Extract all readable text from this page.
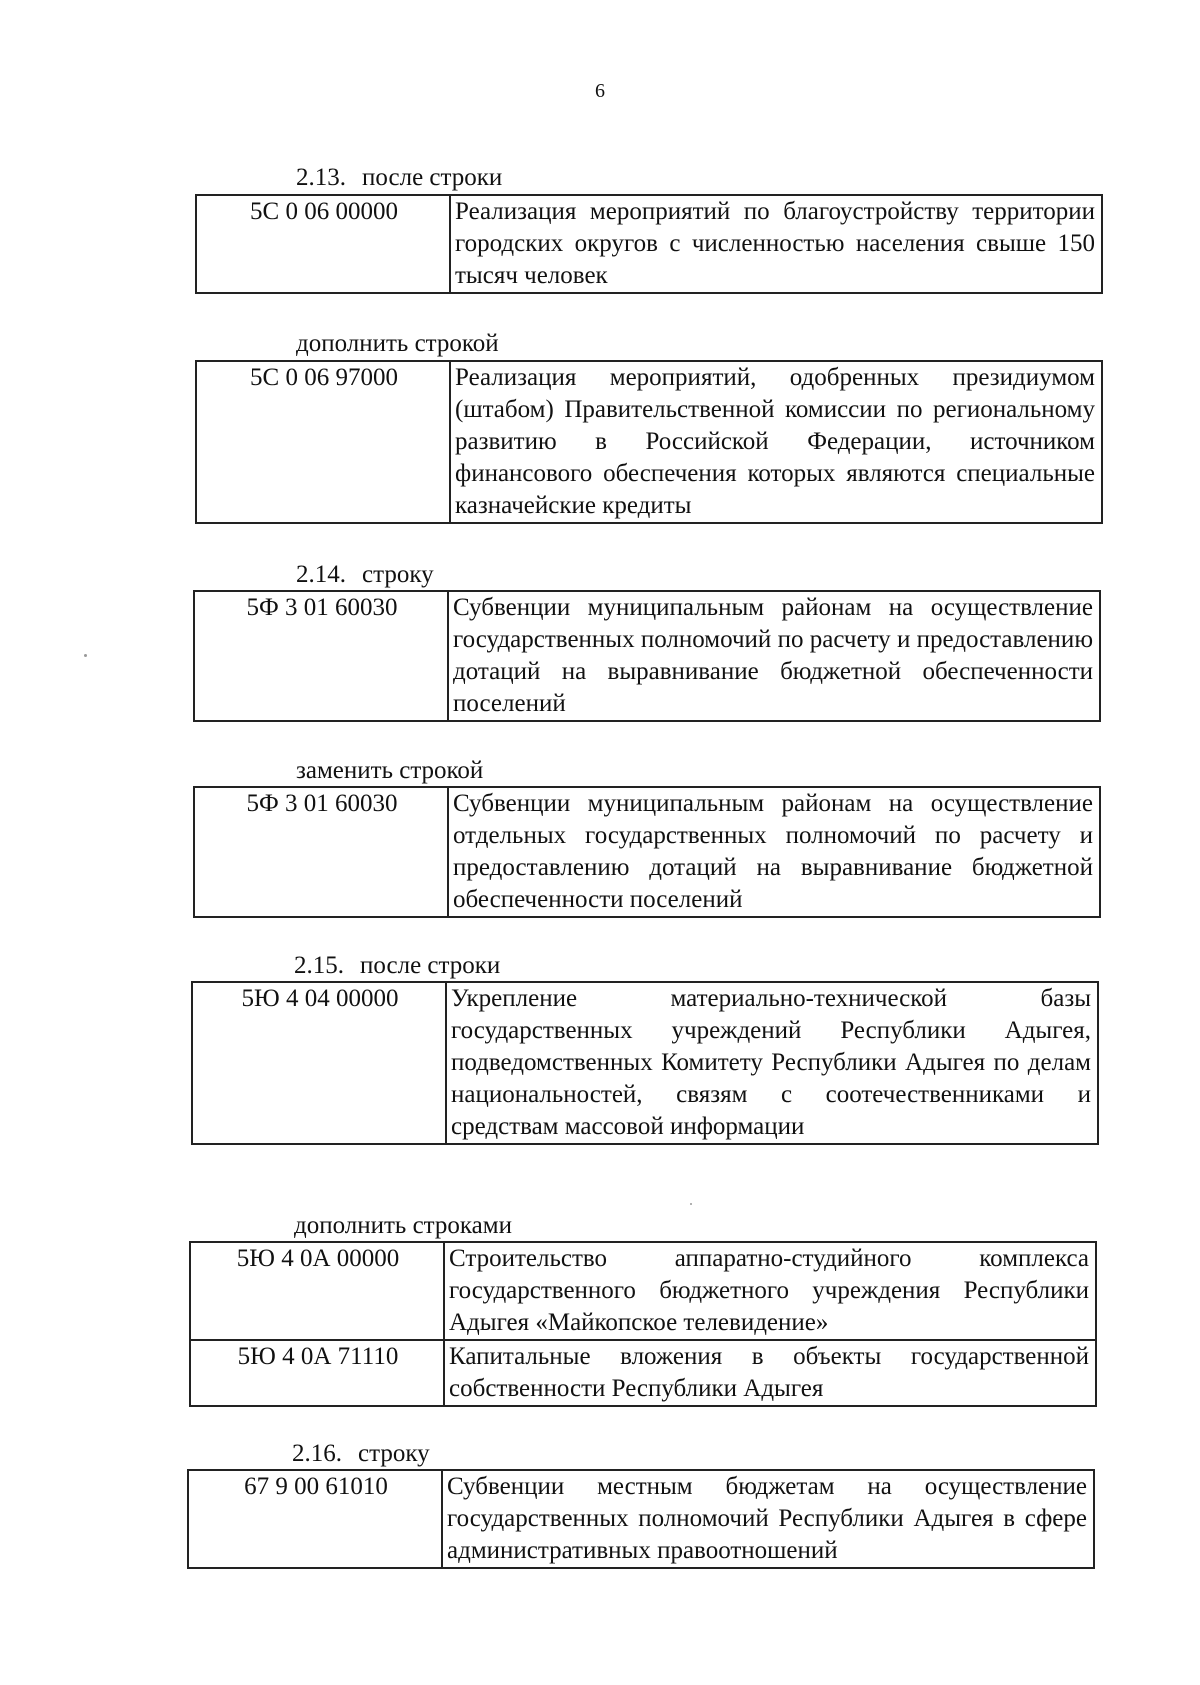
6
2.13. после строки
5С 0 06 00000	Реализация мероприятий по благоустройству территории городских округов с численностью населения свыше 150 тысяч человек
дополнить строкой
5С 0 06 97000	Реализация мероприятий, одобренных президиумом (штабом) Правительственной комиссии по региональному развитию в Российской Федерации, источником финансового обеспечения которых являются специальные казначейские кредиты
2.14. строку
5Ф 3 01 60030	Субвенции муниципальным районам на осуществление государственных полномочий по расчету и предоставлению дотаций на выравнивание бюджетной обеспеченности поселений
заменить строкой
5Ф 3 01 60030	Субвенции муниципальным районам на осуществление отдельных государственных полномочий по расчету и предоставлению дотаций на выравнивание бюджетной обеспеченности поселений
2.15. после строки
5Ю 4 04 00000	Укрепление материально-технической базы государственных учреждений Республики Адыгея, подведомственных Комитету Республики Адыгея по делам национальностей, связям с соотечественниками и средствам массовой информации
дополнить строками
5Ю 4 0А 00000	Строительство аппаратно-студийного комплекса государственного бюджетного учреждения Республики Адыгея «Майкопское телевидение»
5Ю 4 0А 71110	Капитальные вложения в объекты государственной собственности Республики Адыгея
2.16. строку
67 9 00 61010	Субвенции местным бюджетам на осуществление государственных полномочий Республики Адыгея в сфере административных правоотношений
